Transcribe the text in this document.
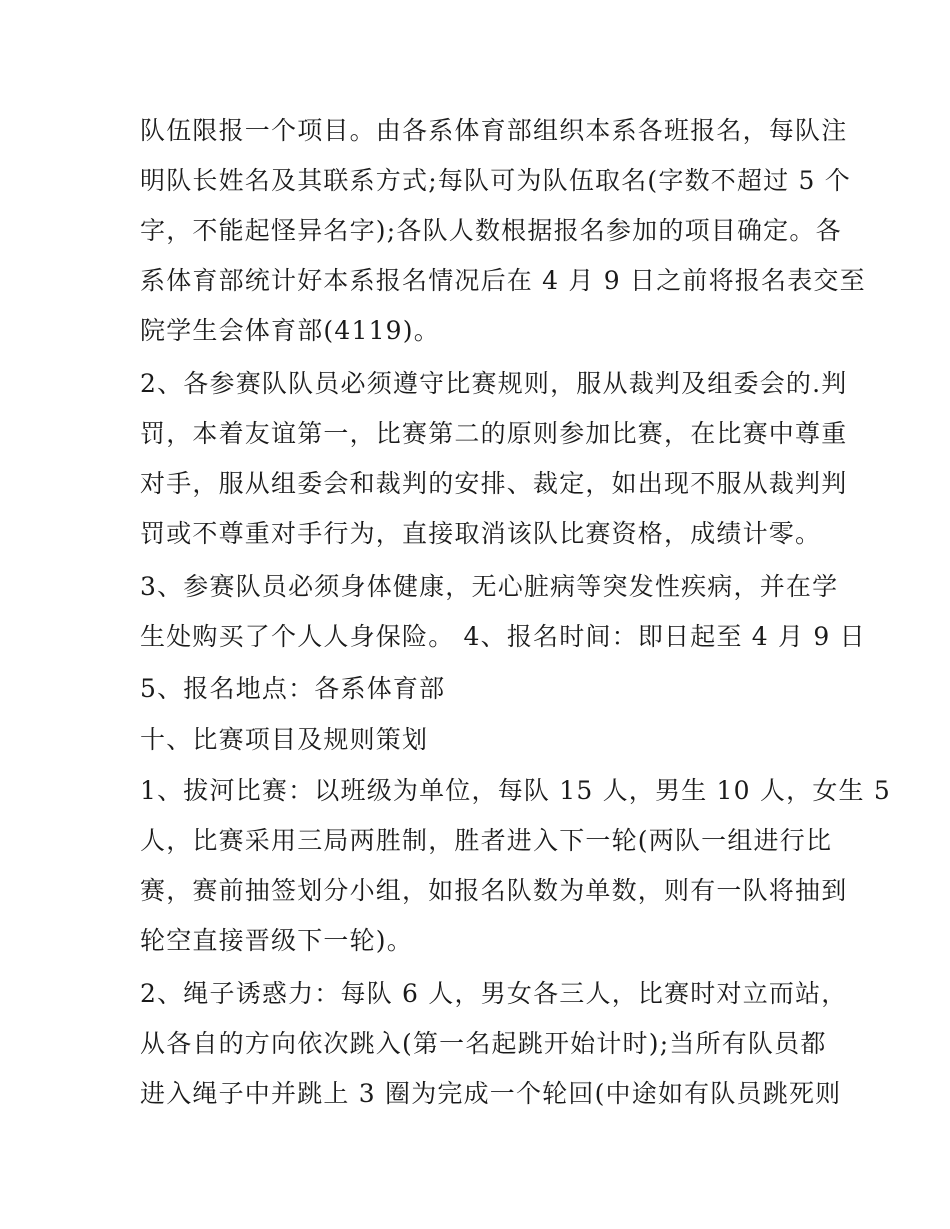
队伍限报一个项目。由各系体育部组织本系各班报名，每队注
明队长姓名及其联系方式;每队可为队伍取名(字数不超过 5 个
字，不能起怪异名字);各队人数根据报名参加的项目确定。各
系体育部统计好本系报名情况后在 4 月 9 日之前将报名表交至
院学生会体育部(4119)。
2、各参赛队队员必须遵守比赛规则，服从裁判及组委会的.判
罚，本着友谊第一，比赛第二的原则参加比赛，在比赛中尊重
对手，服从组委会和裁判的安排、裁定，如出现不服从裁判判
罚或不尊重对手行为，直接取消该队比赛资格，成绩计零。
3、参赛队员必须身体健康，无心脏病等突发性疾病，并在学
生处购买了个人人身保险。 4、报名时间：即日起至 4 月 9 日
5、报名地点：各系体育部
十、比赛项目及规则策划
1、拔河比赛：以班级为单位，每队 15 人，男生 10 人，女生 5
人，比赛采用三局两胜制，胜者进入下一轮(两队一组进行比
赛，赛前抽签划分小组，如报名队数为单数，则有一队将抽到
轮空直接晋级下一轮)。
2、绳子诱惑力：每队 6 人，男女各三人，比赛时对立而站，
从各自的方向依次跳入(第一名起跳开始计时);当所有队员都
进入绳子中并跳上 3 圈为完成一个轮回(中途如有队员跳死则
